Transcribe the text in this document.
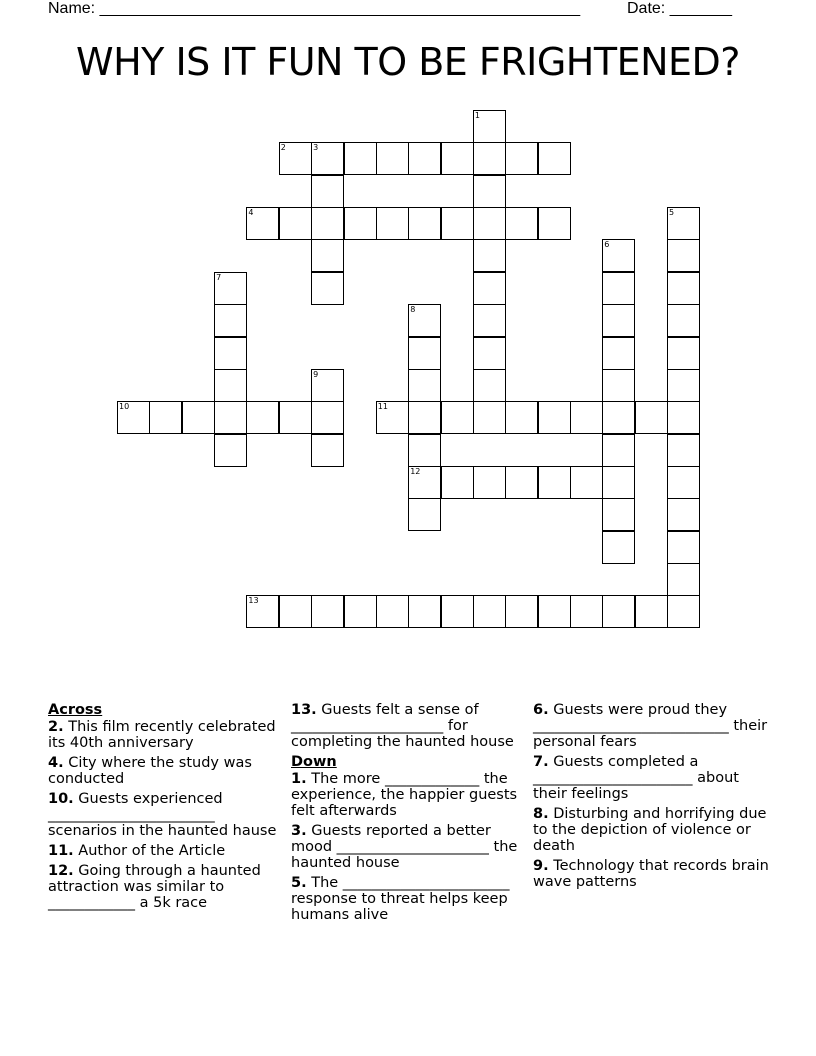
Name: ______________________________________________________	Date: _______
WHY IS IT FUN TO BE FRIGHTENED?
2	3
4
10	11
12
13
1
5
6
7
8
9
Across
2. This film recently celebrated its 40th anniversary
4. City where the study was conducted
10. Guests experienced _______________________ scenarios in the haunted hause
11. Author of the Article
12. Going through a haunted attraction was similar to ____________ a 5k race
13. Guests felt a sense of _____________________ for completing the haunted house
Down
1. The more _____________ the experience, the happier guests felt afterwards
3. Guests reported a better mood _____________________ the haunted house
5. The _______________________ response to threat helps keep humans alive
6. Guests were proud they ___________________________ their personal fears
7. Guests completed a ______________________ about their feelings
8. Disturbing and horrifying due to the depiction of violence or death
9. Technology that records brain wave patterns
